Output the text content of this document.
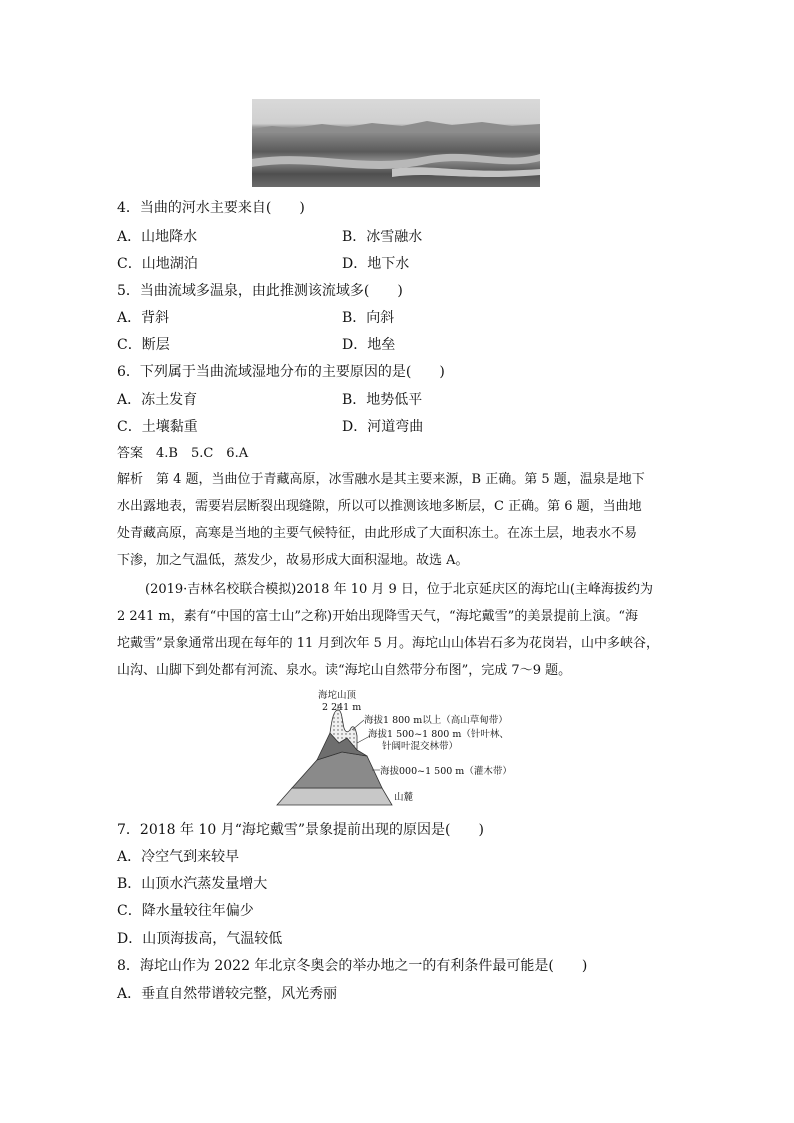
4．当曲的河水主要来自(　　)
A．山地降水	B．冰雪融水
C．山地湖泊	D．地下水
5．当曲流域多温泉，由此推测该流域多(　　)
A．背斜	B．向斜
C．断层	D．地垒
6．下列属于当曲流域湿地分布的主要原因的是(　　)
A．冻土发育	B．地势低平
C．土壤黏重	D．河道弯曲
答案　4.B　5.C　6.A
解析　第 4 题，当曲位于青藏高原，冰雪融水是其主要来源，B 正确。第 5 题，温泉是地下
水出露地表，需要岩层断裂出现缝隙，所以可以推测该地多断层，C 正确。第 6 题，当曲地
处青藏高原，高寒是当地的主要气候特征，由此形成了大面积冻土。在冻土层，地表水不易
下渗，加之气温低，蒸发少，故易形成大面积湿地。故选 A。
(2019·吉林名校联合模拟)2018 年 10 月 9 日，位于北京延庆区的海坨山(主峰海拔约为
2 241 m，素有“中国的富士山”之称)开始出现降雪天气，“海坨戴雪”的美景提前上演。“海
坨戴雪”景象通常出现在每年的 11 月到次年 5 月。海坨山山体岩石多为花岗岩，山中多峡谷，
山沟、山脚下到处都有河流、泉水。读“海坨山自然带分布图”，完成 7～9 题。
海坨山顶
2 241 m
海拔1 800 m以上（高山草甸带）
海拔1 500~1 800 m（针叶林、
针阔叶混交林带）
海拔000~1 500 m（灌木带）
山麓
7．2018 年 10 月“海坨戴雪”景象提前出现的原因是(　　)
A．冷空气到来较早
B．山顶水汽蒸发量增大
C．降水量较往年偏少
D．山顶海拔高，气温较低
8．海坨山作为 2022 年北京冬奥会的举办地之一的有利条件最可能是(　　)
A．垂直自然带谱较完整，风光秀丽
